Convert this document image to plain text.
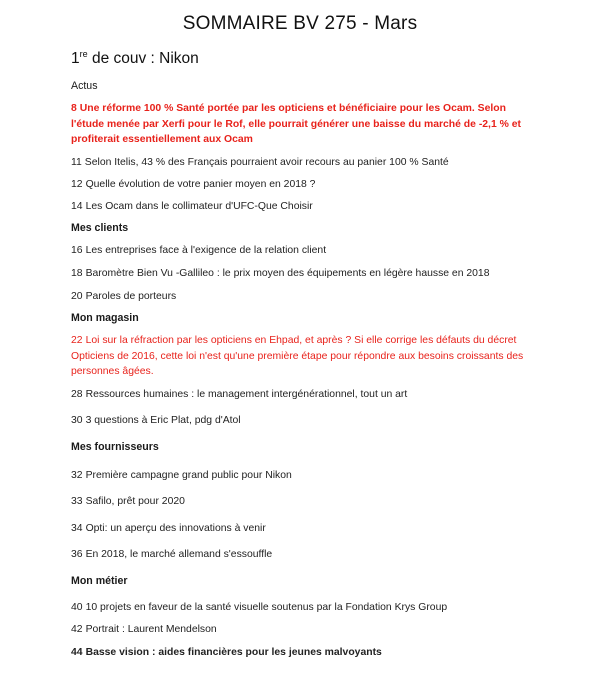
SOMMAIRE BV 275 - Mars
1re de couv : Nikon
Actus
8 Une réforme 100 % Santé portée par les opticiens et bénéficiaire pour les Ocam. Selon l'étude menée par Xerfi pour le Rof, elle pourrait générer une baisse du marché de -2,1 % et profiterait essentiellement aux Ocam
11 Selon Itelis, 43 % des Français pourraient avoir recours au panier 100 % Santé
12 Quelle évolution de votre panier moyen en 2018 ?
14 Les Ocam dans le collimateur d'UFC-Que Choisir
Mes clients
16 Les entreprises face à l'exigence de la relation client
18 Baromètre Bien Vu -Gallileo : le prix moyen des équipements en légère hausse en 2018
20 Paroles de porteurs
Mon magasin
22 Loi sur la réfraction par les opticiens en Ehpad, et après ? Si elle corrige les défauts du décret Opticiens de 2016, cette loi n'est qu'une première étape pour répondre aux besoins croissants des personnes âgées.
28 Ressources humaines : le management intergénérationnel, tout un art
30 3 questions à Eric Plat, pdg d'Atol
Mes fournisseurs
32 Première campagne grand public pour Nikon
33 Safilo, prêt pour 2020
34 Opti: un aperçu des innovations à venir
36 En 2018, le marché allemand s'essouffle
Mon métier
40 10 projets en faveur de la santé visuelle soutenus par la Fondation Krys Group
42 Portrait : Laurent Mendelson
44 Basse vision : aides financières pour les jeunes malvoyants
